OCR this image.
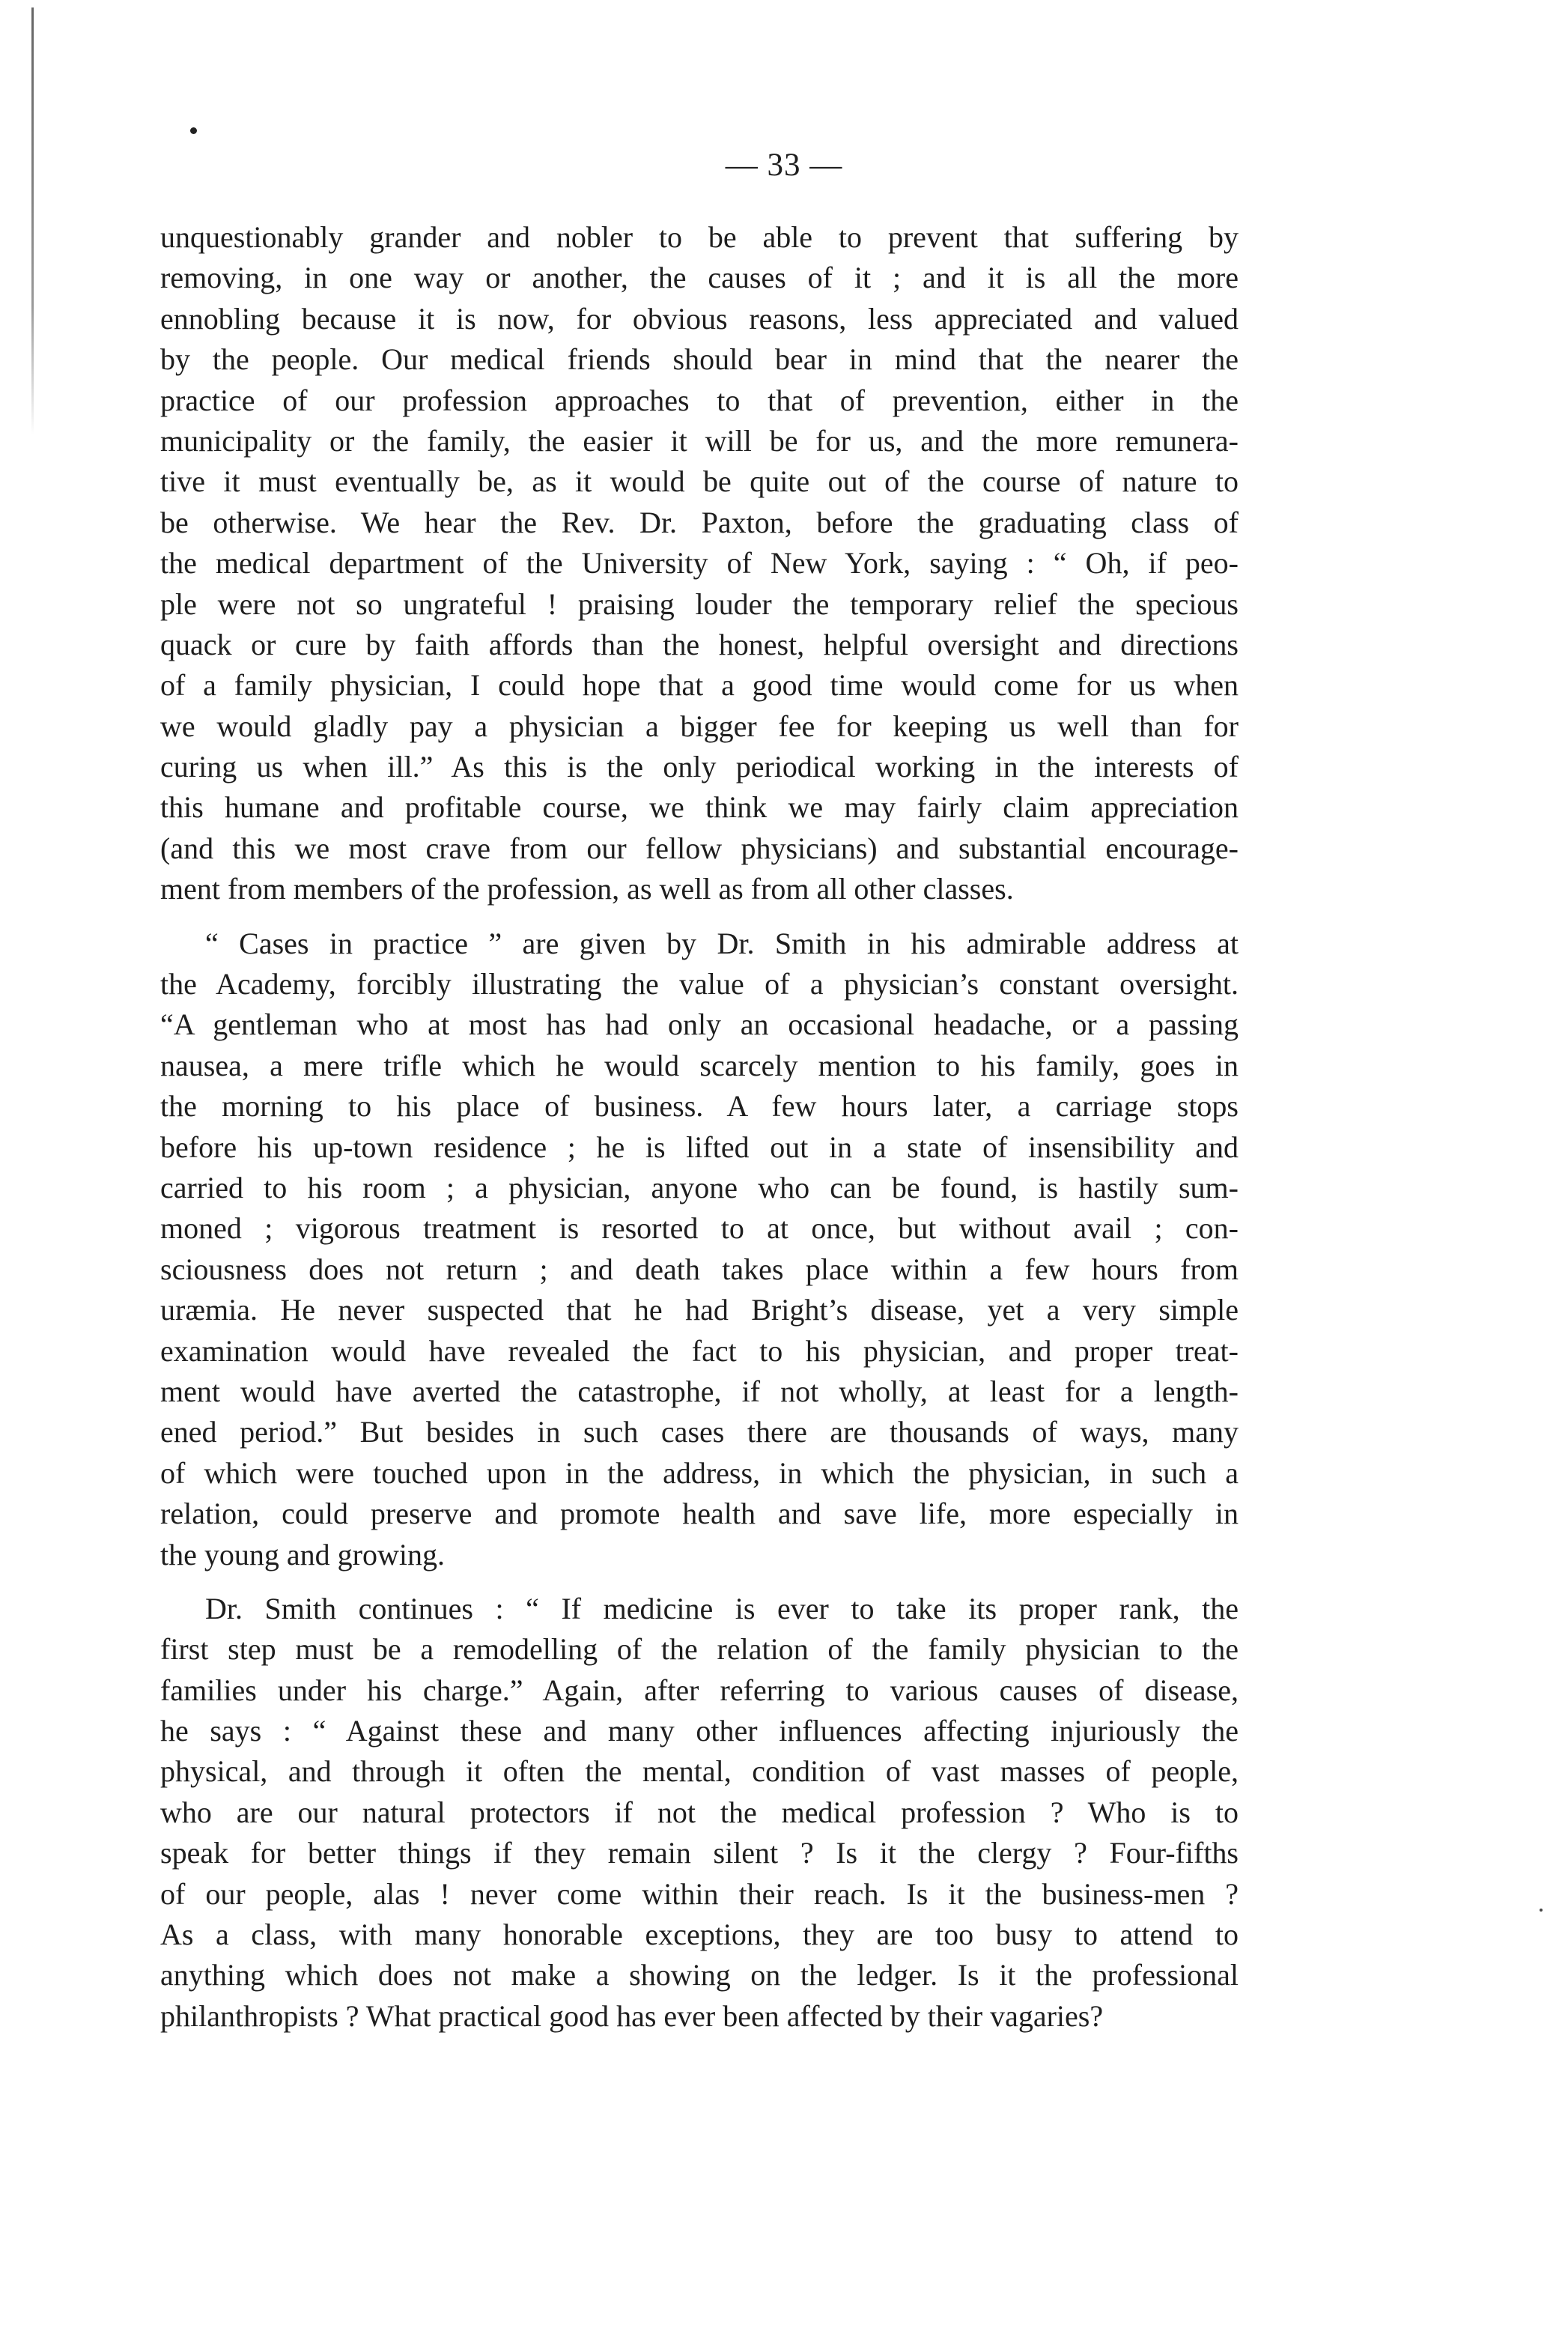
— 33 —
unquestionably grander and nobler to be able to prevent that suffering by
removing, in one way or another, the causes of it ; and it is all the more
ennobling because it is now, for obvious reasons, less appreciated and valued
by the people. Our medical friends should bear in mind that the nearer the
practice of our profession approaches to that of prevention, either in the
municipality or the family, the easier it will be for us, and the more remunera-
tive it must eventually be, as it would be quite out of the course of nature to
be otherwise. We hear the Rev. Dr. Paxton, before the graduating class of
the medical department of the University of New York, saying : “ Oh, if peo-
ple were not so ungrateful ! praising louder the temporary relief the specious
quack or cure by faith affords than the honest, helpful oversight and directions
of a family physician, I could hope that a good time would come for us when
we would gladly pay a physician a bigger fee for keeping us well than for
curing us when ill.” As this is the only periodical working in the interests of
this humane and profitable course, we think we may fairly claim appreciation
(and this we most crave from our fellow physicians) and substantial encourage-
ment from members of the profession, as well as from all other classes.
“ Cases in practice ” are given by Dr. Smith in his admirable address at
the Academy, forcibly illustrating the value of a physician’s constant oversight.
“A gentleman who at most has had only an occasional headache, or a passing
nausea, a mere trifle which he would scarcely mention to his family, goes in
the morning to his place of business. A few hours later, a carriage stops
before his up-town residence ; he is lifted out in a state of insensibility and
carried to his room ; a physician, anyone who can be found, is hastily sum-
moned ; vigorous treatment is resorted to at once, but without avail ; con-
sciousness does not return ; and death takes place within a few hours from
uræmia. He never suspected that he had Bright’s disease, yet a very simple
examination would have revealed the fact to his physician, and proper treat-
ment would have averted the catastrophe, if not wholly, at least for a length-
ened period.” But besides in such cases there are thousands of ways, many
of which were touched upon in the address, in which the physician, in such a
relation, could preserve and promote health and save life, more especially in
the young and growing.
Dr. Smith continues : “ If medicine is ever to take its proper rank, the
first step must be a remodelling of the relation of the family physician to the
families under his charge.” Again, after referring to various causes of disease,
he says : “ Against these and many other influences affecting injuriously the
physical, and through it often the mental, condition of vast masses of people,
who are our natural protectors if not the medical profession ? Who is to
speak for better things if they remain silent ? Is it the clergy ? Four-fifths
of our people, alas ! never come within their reach. Is it the business-men ?
As a class, with many honorable exceptions, they are too busy to attend to
anything which does not make a showing on the ledger. Is it the professional
philanthropists ? What practical good has ever been affected by their vagaries?
